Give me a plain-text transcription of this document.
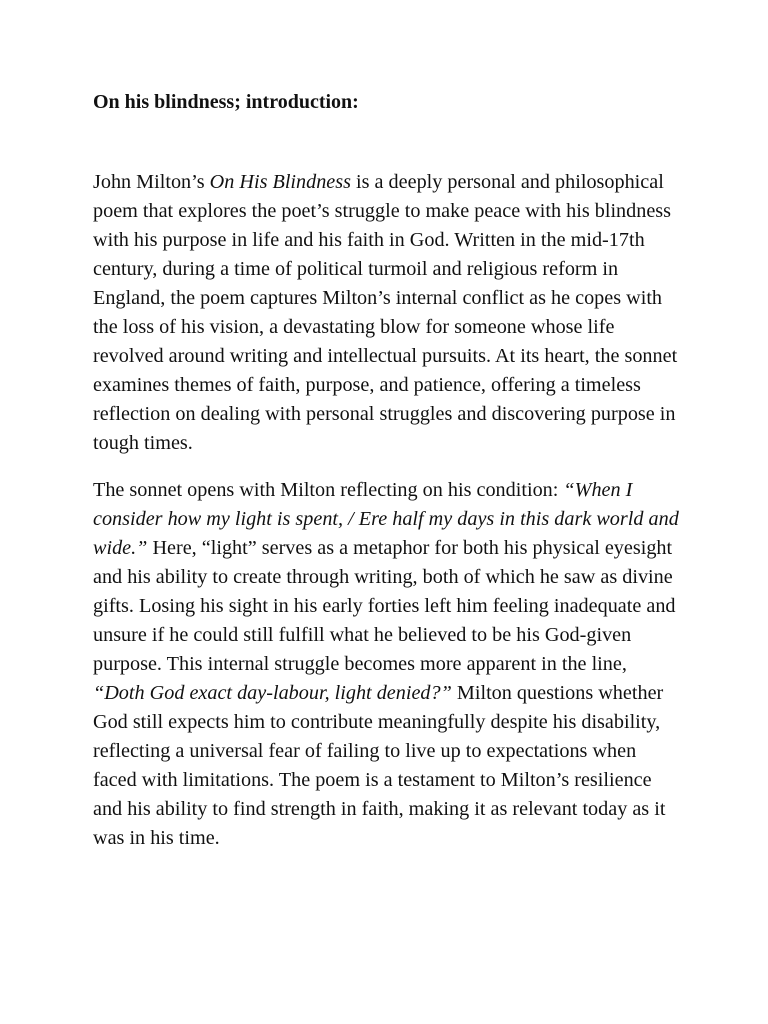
On his blindness; introduction:

John Milton’s On His Blindness is a deeply personal and philosophical poem that explores the poet’s struggle to make peace with his blindness with his purpose in life and his faith in God. Written in the mid-17th century, during a time of political turmoil and religious reform in England, the poem captures Milton’s internal conflict as he copes with the loss of his vision, a devastating blow for someone whose life revolved around writing and intellectual pursuits. At its heart, the sonnet examines themes of faith, purpose, and patience, offering a timeless reflection on dealing with personal struggles and discovering purpose in tough times.

The sonnet opens with Milton reflecting on his condition: “When I consider how my light is spent, / Ere half my days in this dark world and wide.” Here, “light” serves as a metaphor for both his physical eyesight and his ability to create through writing, both of which he saw as divine gifts. Losing his sight in his early forties left him feeling inadequate and unsure if he could still fulfill what he believed to be his God-given purpose. This internal struggle becomes more apparent in the line, “Doth God exact day-labour, light denied?” Milton questions whether God still expects him to contribute meaningfully despite his disability, reflecting a universal fear of failing to live up to expectations when faced with limitations. The poem is a testament to Milton’s resilience and his ability to find strength in faith, making it as relevant today as it was in his time.
